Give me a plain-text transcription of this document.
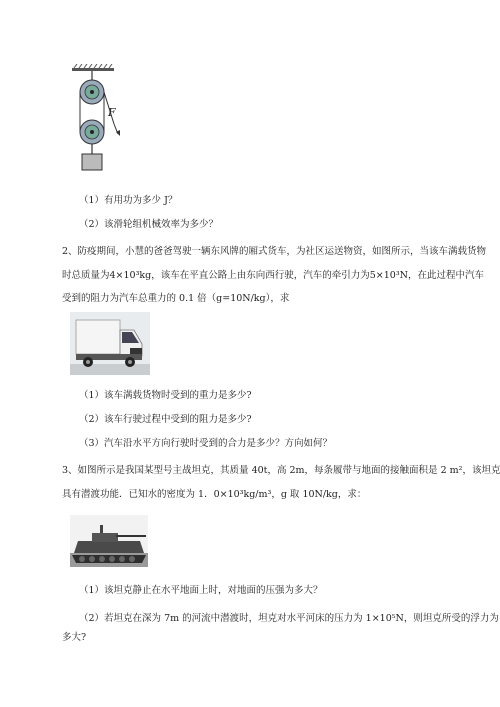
F
（1）有用功为多少 J？
（2）该滑轮组机械效率为多少？
2、防疫期间，小慧的爸爸驾驶一辆东风牌的厢式货车，为社区运送物资，如图所示，当该车满载货物
时总质量为4×10³kg，该车在平直公路上由东向西行驶，汽车的牵引力为5×10³N，在此过程中汽车
受到的阻力为汽车总重力的 0.1 倍（g=10N/kg），求
（1）该车满载货物时受到的重力是多少?
（2）该车行驶过程中受到的阻力是多少?
（3）汽车沿水平方向行驶时受到的合力是多少？方向如何？
3、如图所示是我国某型号主战坦克，其质量 40t，高 2m，每条履带与地面的接触面积是 2 m²，该坦克
具有潜渡功能．已知水的密度为 1．0×10³kg/m³，g 取 10N/kg，求：
（1）该坦克静止在水平地面上时，对地面的压强为多大？
（2）若坦克在深为 7m 的河流中潜渡时，坦克对水平河床的压力为 1×10⁵N，则坦克所受的浮力为
多大?
